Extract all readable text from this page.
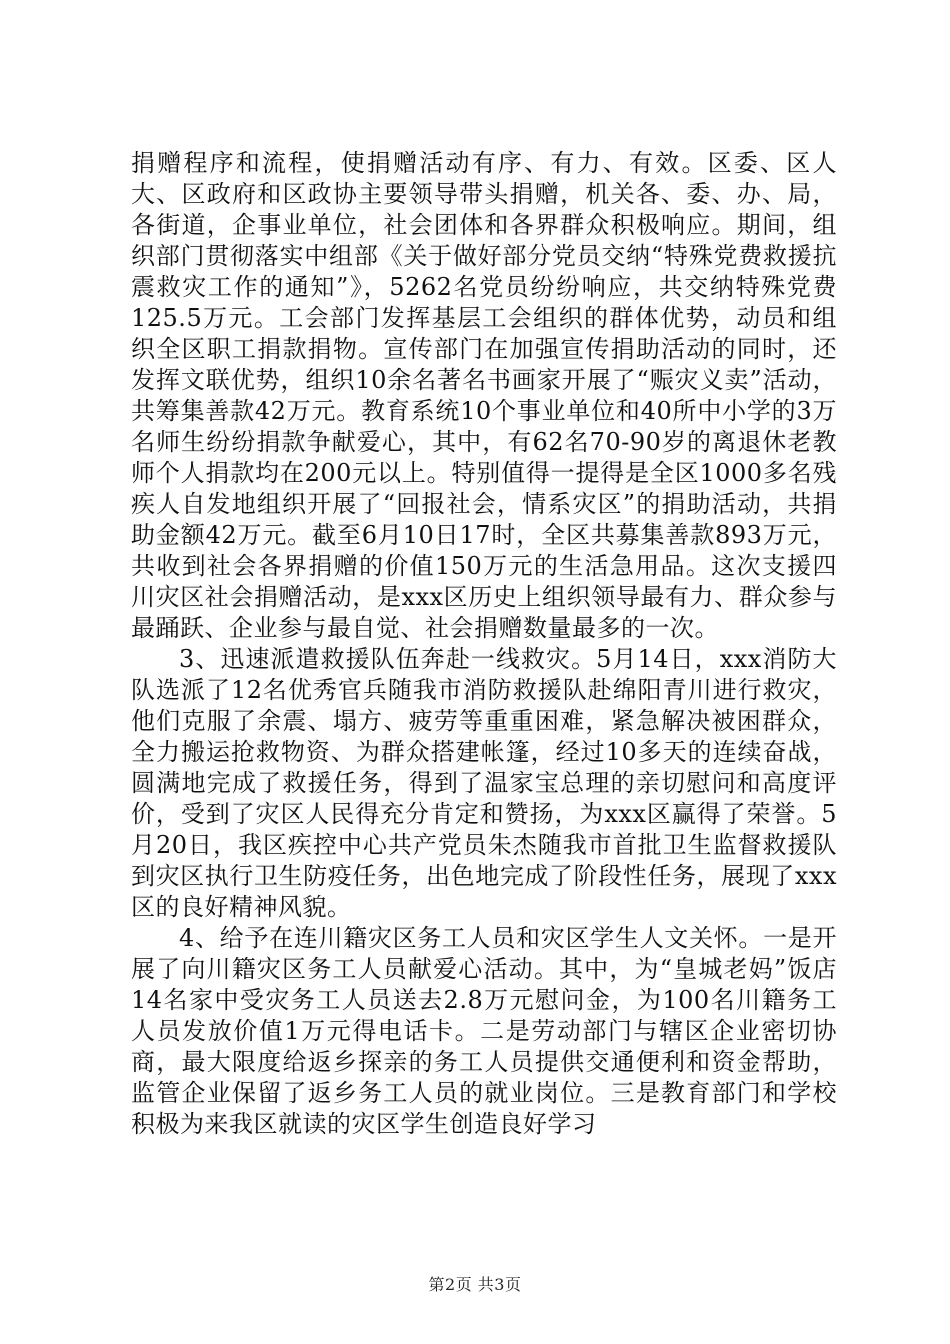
捐赠程序和流程，使捐赠活动有序、有力、有效。区委、区人大、区政府和区政协主要领导带头捐赠，机关各、委、办、局，各街道，企事业单位，社会团体和各界群众积极响应。期间，组织部门贯彻落实中组部《关于做好部分党员交纳“特殊党费救援抗震救灾工作的通知”》，5262名党员纷纷响应，共交纳特殊党费125.5万元。工会部门发挥基层工会组织的群体优势，动员和组织全区职工捐款捐物。宣传部门在加强宣传捐助活动的同时，还发挥文联优势，组织10余名著名书画家开展了“赈灾义卖”活动，共筹集善款42万元。教育系统10个事业单位和40所中小学的3万名师生纷纷捐款争献爱心，其中，有62名70-90岁的离退休老教师个人捐款均在200元以上。特别值得一提得是全区1000多名残疾人自发地组织开展了“回报社会，情系灾区”的捐助活动，共捐助金额42万元。截至6月10日17时，全区共募集善款893万元，共收到社会各界捐赠的价值150万元的生活急用品。这次支援四川灾区社会捐赠活动，是xxx区历史上组织领导最有力、群众参与最踊跃、企业参与最自觉、社会捐赠数量最多的一次。

3、迅速派遣救援队伍奔赴一线救灾。5月14日，xxx消防大队选派了12名优秀官兵随我市消防救援队赴绵阳青川进行救灾，他们克服了余震、塌方、疲劳等重重困难，紧急解决被困群众，全力搬运抢救物资、为群众搭建帐篷，经过10多天的连续奋战，圆满地完成了救援任务，得到了温家宝总理的亲切慰问和高度评价，受到了灾区人民得充分肯定和赞扬，为xxx区赢得了荣誉。5月20日，我区疾控中心共产党员朱杰随我市首批卫生监督救援队到灾区执行卫生防疫任务，出色地完成了阶段性任务，展现了xxx区的良好精神风貌。

4、给予在连川籍灾区务工人员和灾区学生人文关怀。一是开展了向川籍灾区务工人员献爱心活动。其中，为“皇城老妈”饭店14名家中受灾务工人员送去2.8万元慰问金，为100名川籍务工人员发放价值1万元得电话卡。二是劳动部门与辖区企业密切协商，最大限度给返乡探亲的务工人员提供交通便利和资金帮助，监管企业保留了返乡务工人员的就业岗位。三是教育部门和学校积极为来我区就读的灾区学生创造良好学习

第2页 共3页
